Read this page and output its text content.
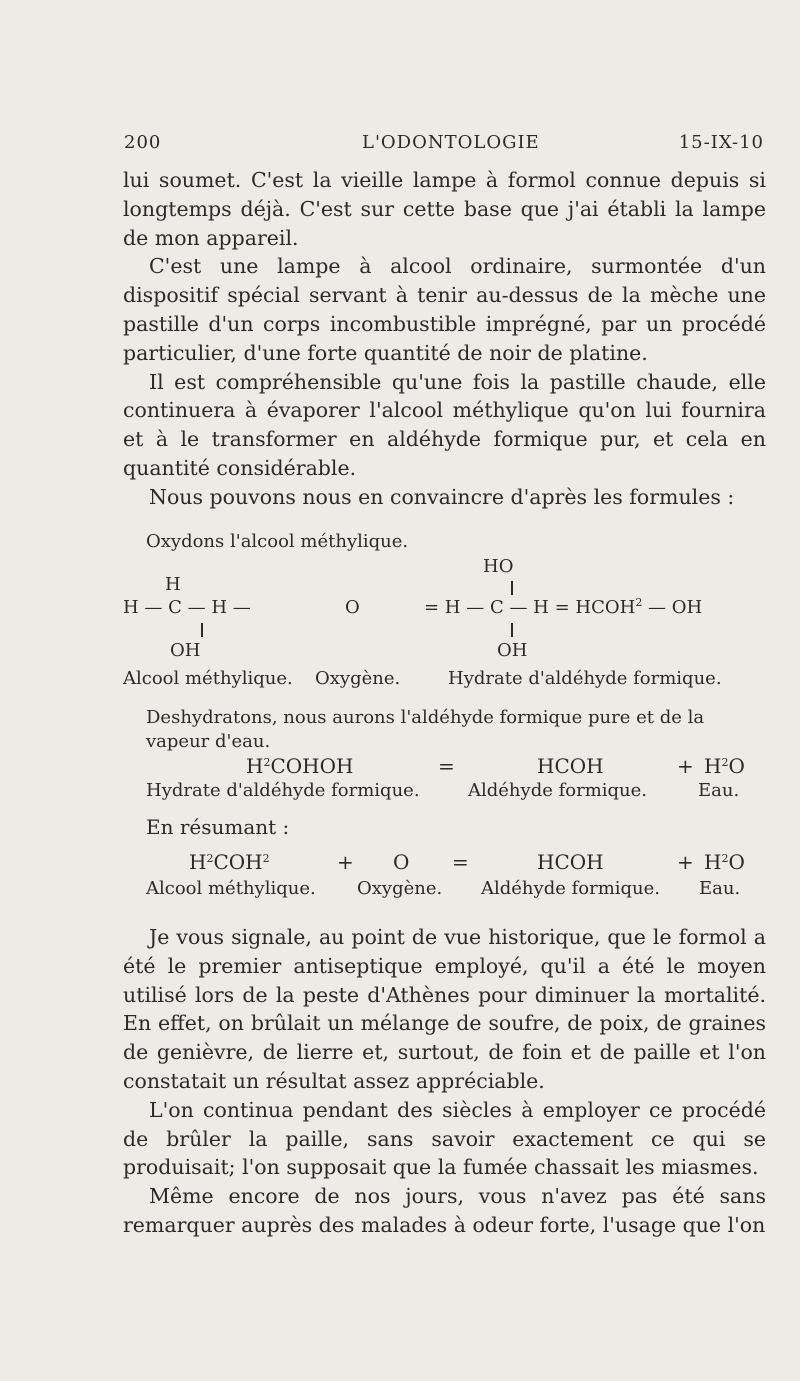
200	L'ODONTOLOGIE	15-IX-10

lui soumet. C'est la vieille lampe à formol connue depuis si longtemps déjà. C'est sur cette base que j'ai établi la lampe de mon appareil.

C'est une lampe à alcool ordinaire, surmontée d'un dispositif spécial servant à tenir au-dessus de la mèche une pastille d'un corps incombustible imprégné, par un procédé particulier, d'une forte quantité de noir de platine.

Il est compréhensible qu'une fois la pastille chaude, elle continuera à évaporer l'alcool méthylique qu'on lui fournira et à le transformer en aldéhyde formique pur, et cela en quantité considérable.

Nous pouvons nous en convaincre d'après les formules :

Oxydons l'alcool méthylique.
HO
H
H — C — H —	O	= H — C — $H = HCOH^2$ — OH
OH	OH
Alcool méthylique. Oxygène.	Hydrate d'aldéhyde formique.
Deshydratons, nous aurons l'aldéhyde formique pure et de la vapeur d'eau.
$H^2COHOH$	=	HCOH	+ $H^2O$
Hydrate d'aldéhyde formique.	Aldéhyde formique.	Eau.
En résumant :
$H^2COH^2$	+ O =	HCOH	+ $H^2O$
Alcool méthylique. Oxygène. Aldéhyde formique. Eau.

Je vous signale, au point de vue historique, que le formol a été le premier antiseptique employé, qu'il a été le moyen utilisé lors de la peste d'Athènes pour diminuer la mortalité. En effet, on brûlait un mélange de soufre, de poix, de graines de genièvre, de lierre et, surtout, de foin et de paille et l'on constatait un résultat assez appréciable.

L'on continua pendant des siècles à employer ce procédé de brûler la paille, sans savoir exactement ce qui se produisait; l'on supposait que la fumée chassait les miasmes.

Même encore de nos jours, vous n'avez pas été sans remarquer auprès des malades à odeur forte, l'usage que l'on
